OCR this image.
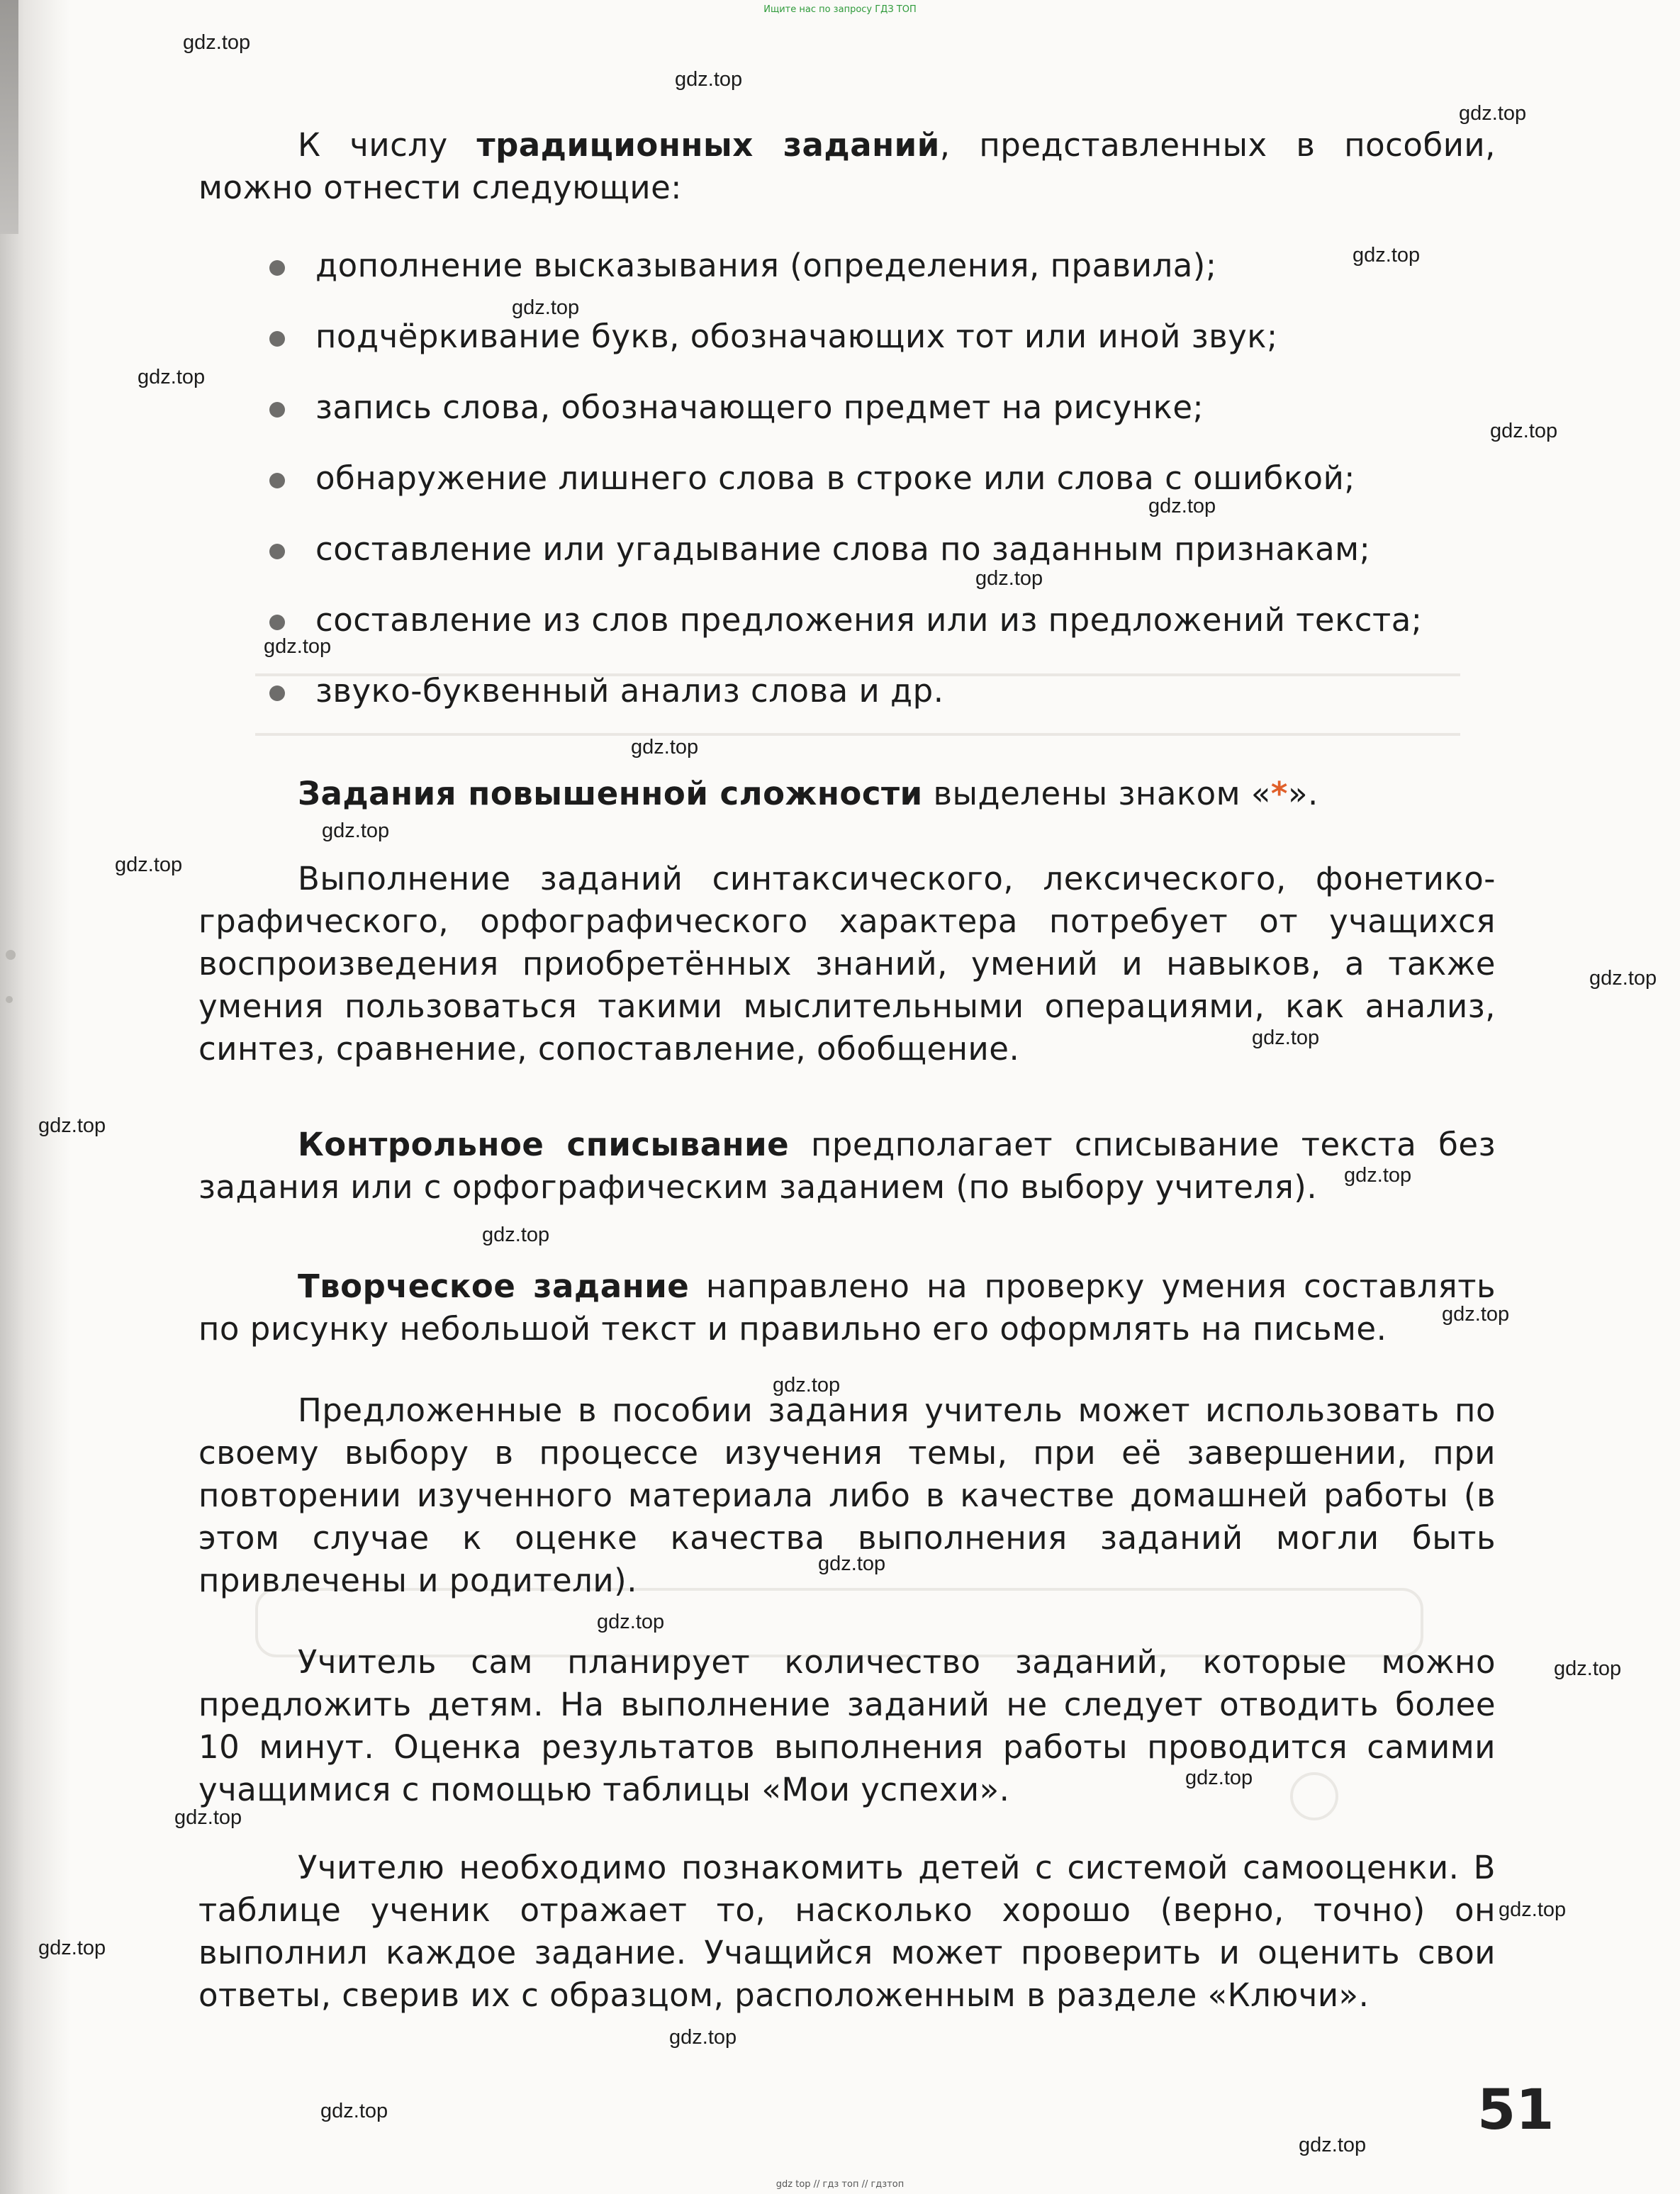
Ищите нас по запросу ГДЗ ТОП

К числу традиционных заданий, представленных в пособии, можно отнести следующие:

дополнение высказывания (определения, правила);
подчёркивание букв, обозначающих тот или иной звук;
запись слова, обозначающего предмет на рисунке;
обнаружение лишнего слова в строке или слова с ошибкой;
составление или угадывание слова по заданным признакам;
составление из слов предложения или из предложений текста;
звуко-буквенный анализ слова и др.

Задания повышенной сложности выделены знаком «*».

Выполнение заданий синтаксического, лексического, фонетико-графического, орфографического характера потребует от учащихся воспроизведения приобретённых знаний, умений и навыков, а также умения пользоваться такими мыслительными операциями, как анализ, синтез, сравнение, сопоставление, обобщение.

Контрольное списывание предполагает списывание текста без задания или с орфографическим заданием (по выбору учителя).

Творческое задание направлено на проверку умения составлять по рисунку небольшой текст и правильно его оформлять на письме.

Предложенные в пособии задания учитель может использовать по своему выбору в процессе изучения темы, при её завершении, при повторении изученного материала либо в качестве домашней работы (в этом случае к оценке качества выполнения заданий могли быть привлечены и родители).

Учитель сам планирует количество заданий, которые можно предложить детям. На выполнение заданий не следует отводить более 10 минут. Оценка результатов выполнения работы проводится самими учащимися с помощью таблицы «Мои успехи».

Учителю необходимо познакомить детей с системой самооценки. В таблице ученик отражает то, насколько хорошо (верно, точно) он выполнил каждое задание. Учащийся может проверить и оценить свои ответы, сверив их с образцом, расположенным в разделе «Ключи».

51
gdz.top
gdz.top
gdz.top
gdz.top
gdz.top
gdz.top
gdz.top
gdz.top
gdz.top
gdz.top
gdz.top
gdz.top
gdz.top
gdz.top
gdz.top
gdz.top
gdz.top
gdz.top
gdz.top
gdz.top
gdz.top
gdz.top
gdz.top
gdz.top
gdz.top
gdz.top
gdz.top
gdz.top
gdz.top
gdz.top
gdz top // гдз топ // гдзтоп
